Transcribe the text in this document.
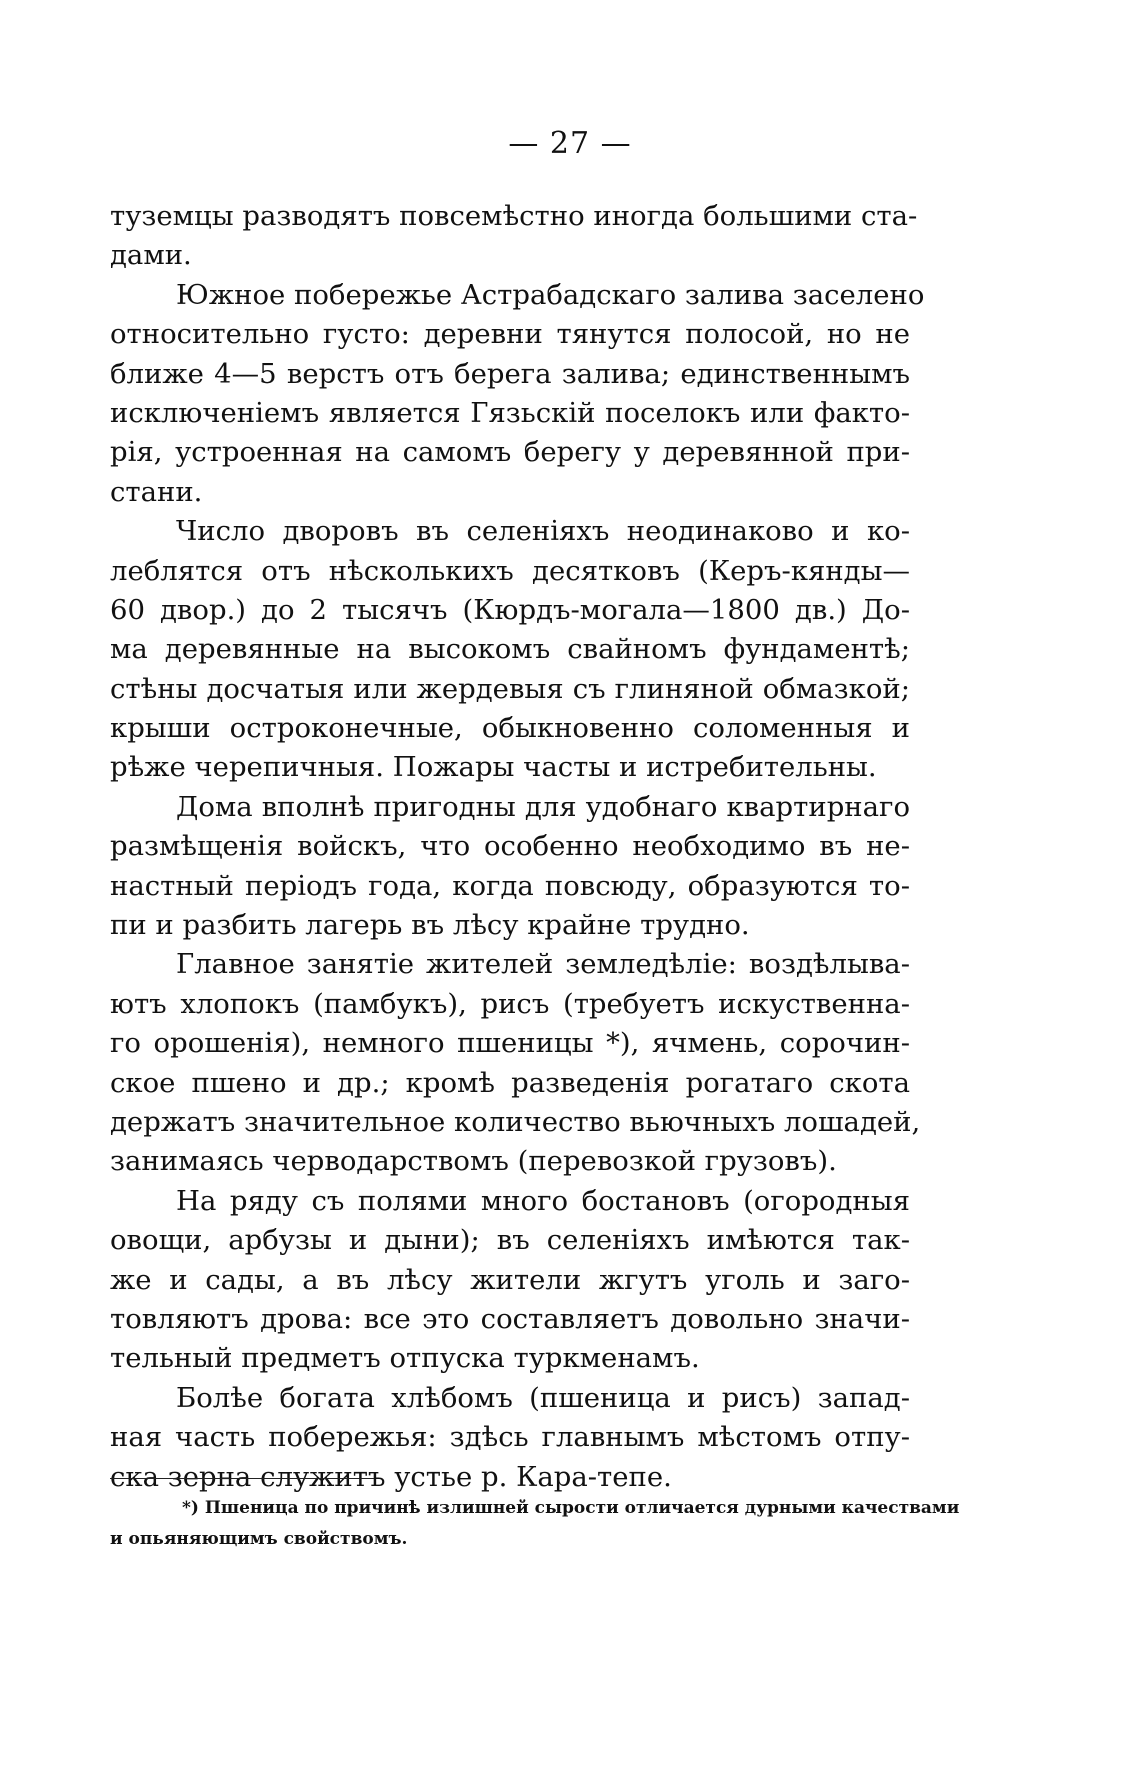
— 27 —
туземцы разводятъ повсемѣстно иногда большими ста-
дами.
Южное побережье Астрабадскаго залива заселено
относительно густо: деревни тянутся полосой, но не
ближе 4—5 верстъ отъ берега залива; единственнымъ
исключеніемъ является Гязьскій поселокъ или факто-
рія, устроенная на самомъ берегу у деревянной при-
стани.
Число дворовъ въ селеніяхъ неодинаково и ко-
леблятся отъ нѣсколькихъ десятковъ (Керъ-кянды—
60 двор.) до 2 тысячъ (Кюрдъ-могала—1800 дв.) До-
ма деревянные на высокомъ свайномъ фундаментѣ;
стѣны досчатыя или жердевыя съ глиняной обмазкой;
крыши остроконечные, обыкновенно соломенныя и
рѣже черепичныя. Пожары часты и истребительны.
Дома вполнѣ пригодны для удобнаго квартирнаго
размѣщенія войскъ, что особенно необходимо въ не-
настный періодъ года, когда повсюду, образуются то-
пи и разбить лагерь въ лѣсу крайне трудно.
Главное занятіе жителей земледѣліе: воздѣлыва-
ютъ хлопокъ (памбукъ), рисъ (требуетъ искуственна-
го орошенія), немного пшеницы *), ячмень, сорочин-
ское пшено и др.; кромѣ разведенія рогатаго скота
держатъ значительное количество вьючныхъ лошадей,
занимаясь черводарствомъ (перевозкой грузовъ).
На ряду съ полями много бостановъ (огородныя
овощи, арбузы и дыни); въ селеніяхъ имѣются так-
же и сады, а въ лѣсу жители жгутъ уголь и заго-
товляютъ дрова: все это составляетъ довольно значи-
тельный предметъ отпуска туркменамъ.
Болѣе богата хлѣбомъ (пшеница и рисъ) запад-
ная часть побережья: здѣсь главнымъ мѣстомъ отпу-
ска зерна служитъ устье р. Кара-тепе.
*) Пшеница по причинѣ излишней сырости отличается дурными качествами
и опьяняющимъ свойствомъ.
